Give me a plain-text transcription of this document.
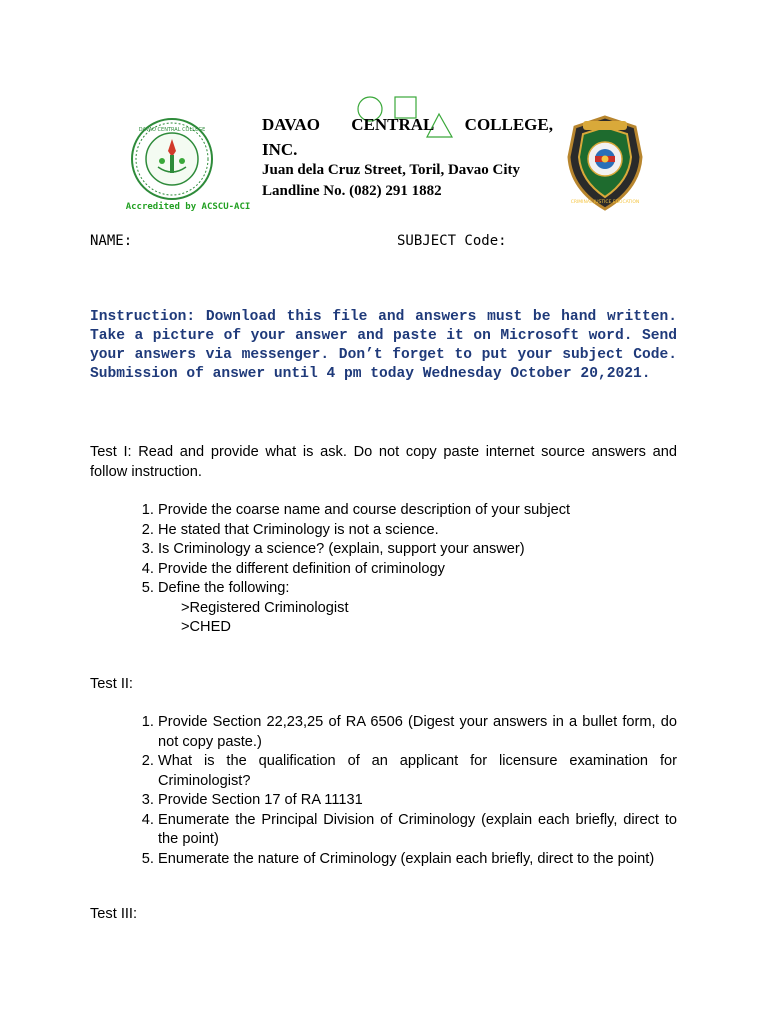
DAVAO CENTRAL COLLEGE	DAVAO CENTRAL COLLEGE,
INC.
Juan dela Cruz Street, Toril, Davao City
Landline No. (082) 291 1882
Accredited by ACSCU-ACI	CRIMINAL JUSTICE EDUCATION
NAME:	SUBJECT Code:
Instruction: Download this file and answers must be hand written. Take a picture of your answer and paste it on Microsoft word. Send your answers via messenger. Don’t forget to put your subject Code. Submission of answer until 4 pm today Wednesday October 20,2021.
Test I: Read and provide what is ask. Do not copy paste internet source answers and follow instruction.
1. Provide the coarse name and course description of your subject
2. He stated that Criminology is not a science.
3. Is Criminology a science? (explain, support your answer)
4. Provide the different definition of criminology
5. Define the following:
>Registered Criminologist
>CHED
Test II:
1. Provide Section 22,23,25 of RA 6506 (Digest your answers in a bullet form, do not copy paste.)
2. What is the qualification of an applicant for licensure examination for Criminologist?
3. Provide Section 17 of RA 11131
4. Enumerate the Principal Division of Criminology (explain each briefly, direct to the point)
5. Enumerate the nature of Criminology (explain each briefly, direct to the point)
Test III:
